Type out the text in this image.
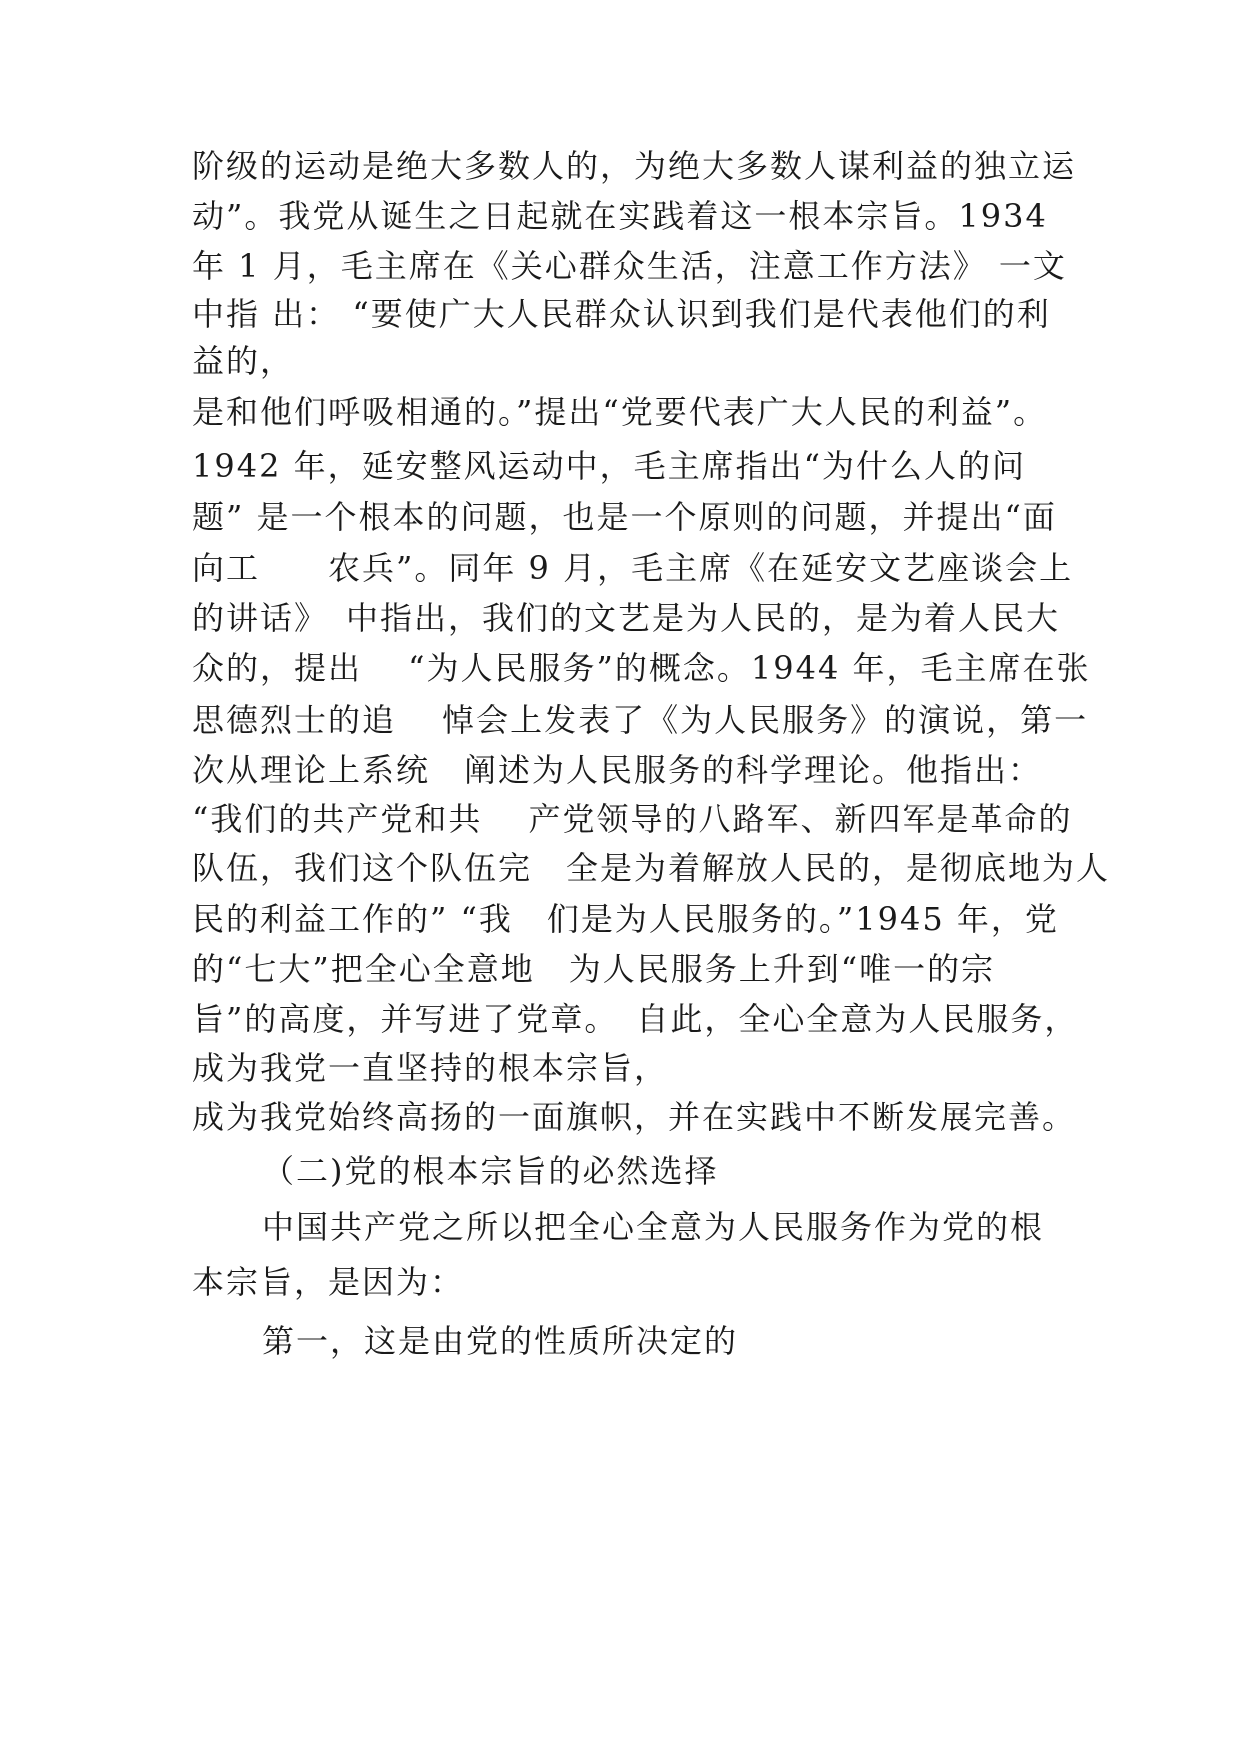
阶级的运动是绝大多数人的，为绝大多数人谋利益的独立运
动”。我党从诞生之日起就在实践着这一根本宗旨。1934
年 1 月，毛主席在《关心群众生活，注意工作方法》 一文
中指 出： “要使广大人民群众认识到我们是代表他们的利
益的，
是和他们呼吸相通的。”提出“党要代表广大人民的利益”。
1942 年，延安整风运动中，毛主席指出“为什么人的问
题” 是一个根本的问题，也是一个原则的问题，并提出“面
向工　　农兵”。同年 9 月，毛主席《在延安文艺座谈会上
的讲话》　中指出，我们的文艺是为人民的，是为着人民大
众的，提出　 “为人民服务”的概念。1944 年，毛主席在张
思德烈士的追　 悼会上发表了《为人民服务》的演说，第一
次从理论上系统　阐述为人民服务的科学理论。他指出：
“我们的共产党和共　 产党领导的八路军、新四军是革命的
队伍，我们这个队伍完　全是为着解放人民的，是彻底地为人
民的利益工作的” “我　们是为人民服务的。”1945 年，党
的“七大”把全心全意地　为人民服务上升到“唯一的宗
旨”的高度，并写进了党章。　自此，全心全意为人民服务，
成为我党一直坚持的根本宗旨，
成为我党始终高扬的一面旗帜，并在实践中不断发展完善。
（二)党的根本宗旨的必然选择
中国共产党之所以把全心全意为人民服务作为党的根
本宗旨，是因为：
第一，这是由党的性质所决定的
